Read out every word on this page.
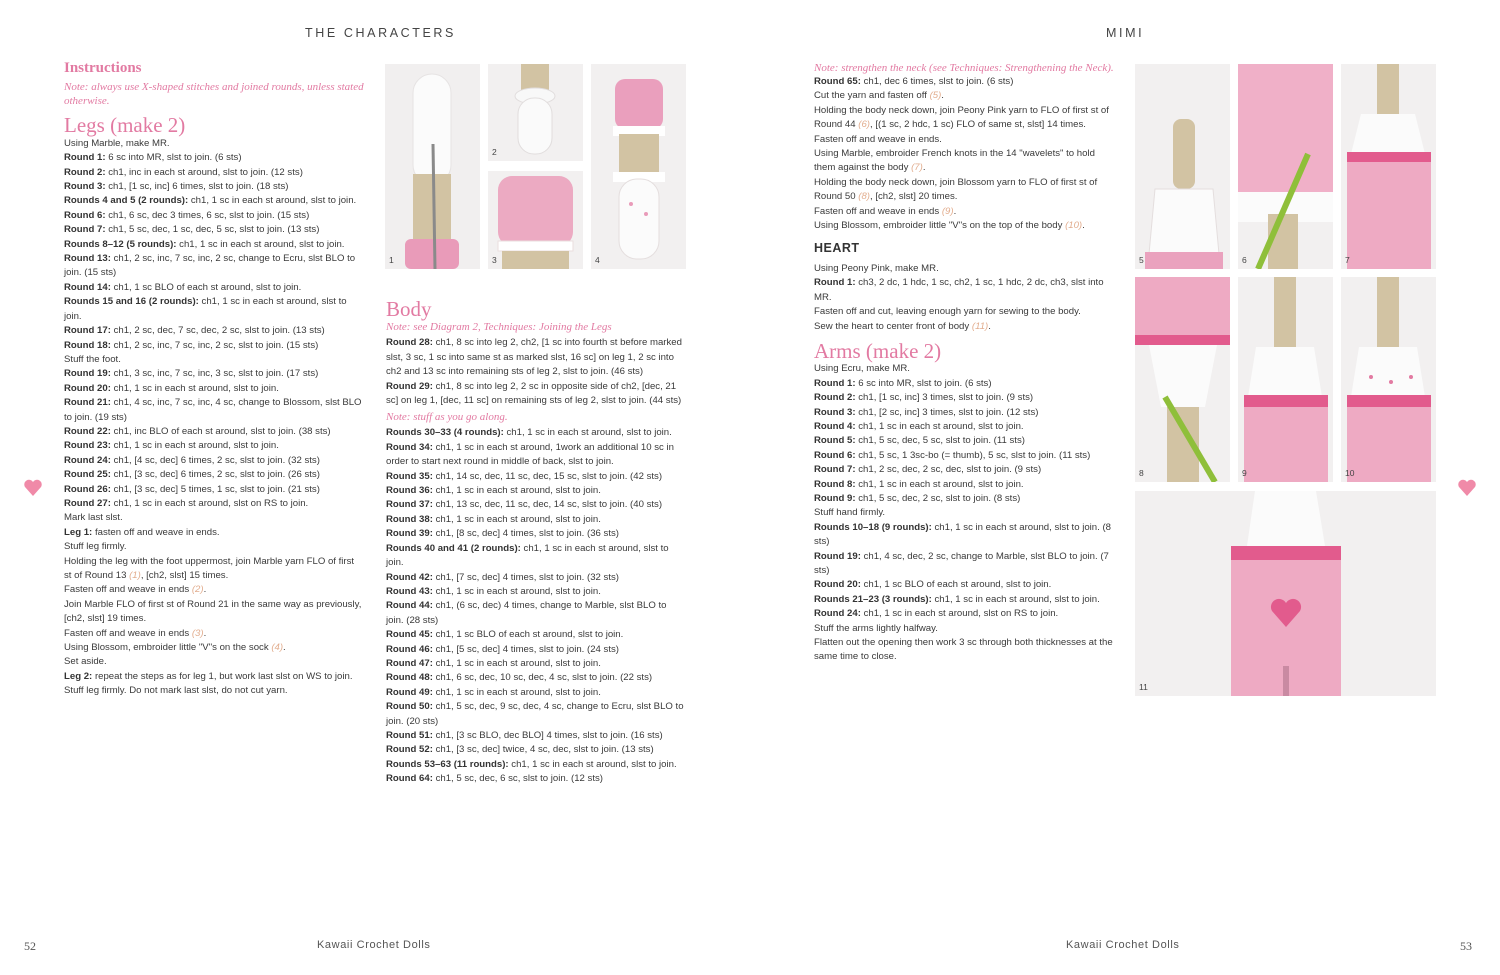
THE CHARACTERS
Instructions
Note: always use X-shaped stitches and joined rounds, unless stated otherwise.
Legs (make 2)

Using Marble, make MR.

Round 1: 6 sc into MR, slst to join. (6 sts)

Round 2: ch1, inc in each st around, slst to join. (12 sts)

Round 3: ch1, [1 sc, inc] 6 times, slst to join. (18 sts)

Rounds 4 and 5 (2 rounds): ch1, 1 sc in each st around, slst to join.

Round 6: ch1, 6 sc, dec 3 times, 6 sc, slst to join. (15 sts)

Round 7: ch1, 5 sc, dec, 1 sc, dec, 5 sc, slst to join. (13 sts)

Rounds 8–12 (5 rounds): ch1, 1 sc in each st around, slst to join.

Round 13: ch1, 2 sc, inc, 7 sc, inc, 2 sc, change to Ecru, slst BLO to join. (15 sts)

Round 14: ch1, 1 sc BLO of each st around, slst to join.

Rounds 15 and 16 (2 rounds): ch1, 1 sc in each st around, slst to join.

Round 17: ch1, 2 sc, dec, 7 sc, dec, 2 sc, slst to join. (13 sts)

Round 18: ch1, 2 sc, inc, 7 sc, inc, 2 sc, slst to join. (15 sts)

Stuff the foot.

Round 19: ch1, 3 sc, inc, 7 sc, inc, 3 sc, slst to join. (17 sts)

Round 20: ch1, 1 sc in each st around, slst to join.

Round 21: ch1, 4 sc, inc, 7 sc, inc, 4 sc, change to Blossom, slst BLO to join. (19 sts)

Round 22: ch1, inc BLO of each st around, slst to join. (38 sts)

Round 23: ch1, 1 sc in each st around, slst to join.

Round 24: ch1, [4 sc, dec] 6 times, 2 sc, slst to join. (32 sts)

Round 25: ch1, [3 sc, dec] 6 times, 2 sc, slst to join. (26 sts)

Round 26: ch1, [3 sc, dec] 5 times, 1 sc, slst to join. (21 sts)

Round 27: ch1, 1 sc in each st around, slst on RS to join.

Mark last slst.

Leg 1: fasten off and weave in ends.

Stuff leg firmly.

Holding the leg with the foot uppermost, join Marble yarn FLO of first st of Round 13 (1), [ch2, slst] 15 times.

Fasten off and weave in ends (2).

Join Marble FLO of first st of Round 21 in the same way as previously, [ch2, slst] 19 times.

Fasten off and weave in ends (3).

Using Blossom, embroider little "V"s on the sock (4).

Set aside.

Leg 2: repeat the steps as for leg 1, but work last slst on WS to join.

Stuff leg firmly. Do not mark last slst, do not cut yarn.

Body
Note: see Diagram 2, Techniques: Joining the Legs

Round 28: ch1, 8 sc into leg 2, ch2, [1 sc into fourth st before marked slst, 3 sc, 1 sc into same st as marked slst, 16 sc] on leg 1, 2 sc into ch2 and 13 sc into remaining sts of leg 2, slst to join. (46 sts)

Round 29: ch1, 8 sc into leg 2, 2 sc in opposite side of ch2, [dec, 21 sc] on leg 1, [dec, 11 sc] on remaining sts of leg 2, slst to join. (44 sts)

Note: stuff as you go along.

Rounds 30–33 (4 rounds): ch1, 1 sc in each st around, slst to join.

Round 34: ch1, 1 sc in each st around, 1work an additional 10 sc in order to start next round in middle of back, slst to join.

Round 35: ch1, 14 sc, dec, 11 sc, dec, 15 sc, slst to join. (42 sts)

Round 36: ch1, 1 sc in each st around, slst to join.

Round 37: ch1, 13 sc, dec, 11 sc, dec, 14 sc, slst to join. (40 sts)

Round 38: ch1, 1 sc in each st around, slst to join.

Round 39: ch1, [8 sc, dec] 4 times, slst to join. (36 sts)

Rounds 40 and 41 (2 rounds): ch1, 1 sc in each st around, slst to join.

Round 42: ch1, [7 sc, dec] 4 times, slst to join. (32 sts)

Round 43: ch1, 1 sc in each st around, slst to join.

Round 44: ch1, (6 sc, dec) 4 times, change to Marble, slst BLO to join. (28 sts)

Round 45: ch1, 1 sc BLO of each st around, slst to join.

Round 46: ch1, [5 sc, dec] 4 times, slst to join. (24 sts)

Round 47: ch1, 1 sc in each st around, slst to join.

Round 48: ch1, 6 sc, dec, 10 sc, dec, 4 sc, slst to join. (22 sts)

Round 49: ch1, 1 sc in each st around, slst to join.

Round 50: ch1, 5 sc, dec, 9 sc, dec, 4 sc, change to Ecru, slst BLO to join. (20 sts)

Round 51: ch1, [3 sc BLO, dec BLO] 4 times, slst to join. (16 sts)

Round 52: ch1, [3 sc, dec] twice, 4 sc, dec, slst to join. (13 sts)

Rounds 53–63 (11 rounds): ch1, 1 sc in each st around, slst to join.

Round 64: ch1, 5 sc, dec, 6 sc, slst to join. (12 sts)

1
2
3	4
52	Kawaii Crochet Dolls
MIMI
Note: strengthen the neck (see Techniques: Strengthening the Neck).

Round 65: ch1, dec 6 times, slst to join. (6 sts)

Cut the yarn and fasten off (5).

Holding the body neck down, join Peony Pink yarn to FLO of first st of Round 44 (6), [(1 sc, 2 hdc, 1 sc) FLO of same st, slst] 14 times.

Fasten off and weave in ends.

Using Marble, embroider French knots in the 14 "wavelets" to hold them against the body (7).

Holding the body neck down, join Blossom yarn to FLO of first st of Round 50 (8), [ch2, slst] 20 times.

Fasten off and weave in ends (9).

Using Blossom, embroider little "V"s on the top of the body (10).

HEART

Using Peony Pink, make MR.

Round 1: ch3, 2 dc, 1 hdc, 1 sc, ch2, 1 sc, 1 hdc, 2 dc, ch3, slst into MR.

Fasten off and cut, leaving enough yarn for sewing to the body.

Sew the heart to center front of body (11).

Arms (make 2)

Using Ecru, make MR.

Round 1: 6 sc into MR, slst to join. (6 sts)

Round 2: ch1, [1 sc, inc] 3 times, slst to join. (9 sts)

Round 3: ch1, [2 sc, inc] 3 times, slst to join. (12 sts)

Round 4: ch1, 1 sc in each st around, slst to join.

Round 5: ch1, 5 sc, dec, 5 sc, slst to join. (11 sts)

Round 6: ch1, 5 sc, 1 3sc-bo (= thumb), 5 sc, slst to join. (11 sts)

Round 7: ch1, 2 sc, dec, 2 sc, dec, slst to join. (9 sts)

Round 8: ch1, 1 sc in each st around, slst to join.

Round 9: ch1, 5 sc, dec, 2 sc, slst to join. (8 sts)

Stuff hand firmly.

Rounds 10–18 (9 rounds): ch1, 1 sc in each st around, slst to join. (8 sts)

Round 19: ch1, 4 sc, dec, 2 sc, change to Marble, slst BLO to join. (7 sts)

Round 20: ch1, 1 sc BLO of each st around, slst to join.

Rounds 21–23 (3 rounds): ch1, 1 sc in each st around, slst to join.

Round 24: ch1, 1 sc in each st around, slst on RS to join.

Stuff the arms lightly halfway.

Flatten out the opening then work 3 sc through both thicknesses at the same time to close.

5	6	7
8	9	10
11
Kawaii Crochet Dolls	53
